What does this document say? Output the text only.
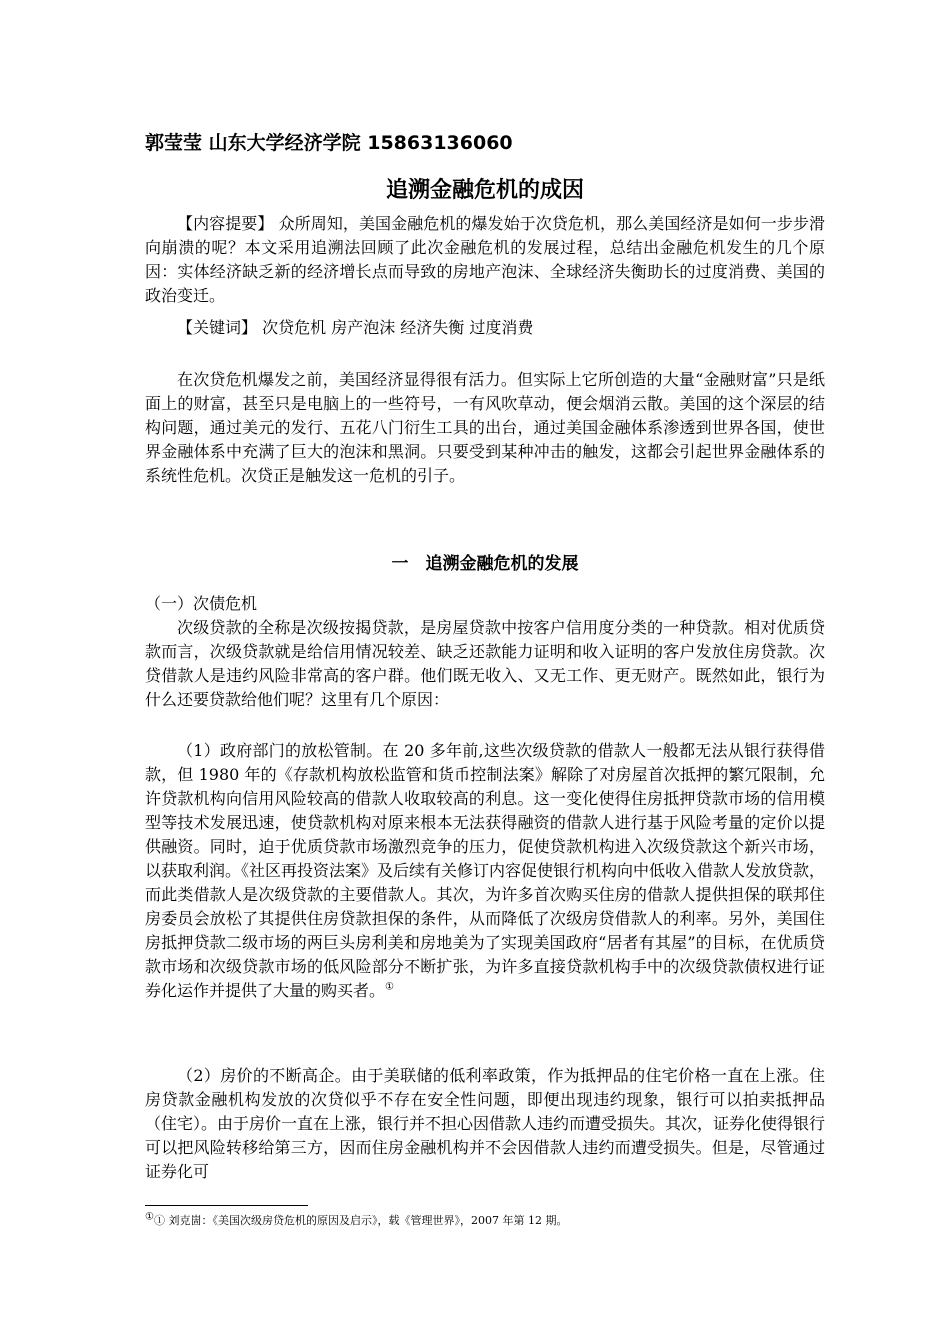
郭莹莹 山东大学经济学院 15863136060
追溯金融危机的成因
【内容提要】 众所周知，美国金融危机的爆发始于次贷危机，那么美国经济是如何一步步滑向崩溃的呢？本文采用追溯法回顾了此次金融危机的发展过程，总结出金融危机发生的几个原因：实体经济缺乏新的经济增长点而导致的房地产泡沫、全球经济失衡助长的过度消费、美国的政治变迁。
【关键词】 次贷危机 房产泡沫 经济失衡 过度消费
在次贷危机爆发之前，美国经济显得很有活力。但实际上它所创造的大量“金融财富”只是纸面上的财富，甚至只是电脑上的一些符号，一有风吹草动，便会烟消云散。美国的这个深层的结构问题，通过美元的发行、五花八门衍生工具的出台，通过美国金融体系渗透到世界各国，使世界金融体系中充满了巨大的泡沫和黑洞。只要受到某种冲击的触发，这都会引起世界金融体系的系统性危机。次贷正是触发这一危机的引子。
一　追溯金融危机的发展
（一）次债危机
次级贷款的全称是次级按揭贷款，是房屋贷款中按客户信用度分类的一种贷款。相对优质贷款而言，次级贷款就是给信用情况较差、缺乏还款能力证明和收入证明的客户发放住房贷款。次贷借款人是违约风险非常高的客户群。他们既无收入、又无工作、更无财产。既然如此，银行为什么还要贷款给他们呢？这里有几个原因：
（1）政府部门的放松管制。在 20 多年前,这些次级贷款的借款人一般都无法从银行获得借款，但 1980 年的《存款机构放松监管和货币控制法案》解除了对房屋首次抵押的繁冗限制，允许贷款机构向信用风险较高的借款人收取较高的利息。这一变化使得住房抵押贷款市场的信用模型等技术发展迅速，使贷款机构对原来根本无法获得融资的借款人进行基于风险考量的定价以提供融资。同时，迫于优质贷款市场激烈竞争的压力，促使贷款机构进入次级贷款这个新兴市场，以获取利润。《社区再投资法案》及后续有关修订内容促使银行机构向中低收入借款人发放贷款，而此类借款人是次级贷款的主要借款人。其次，为许多首次购买住房的借款人提供担保的联邦住房委员会放松了其提供住房贷款担保的条件，从而降低了次级房贷借款人的利率。另外，美国住房抵押贷款二级市场的两巨头房利美和房地美为了实现美国政府“居者有其屋”的目标，在优质贷款市场和次级贷款市场的低风险部分不断扩张，为许多直接贷款机构手中的次级贷款债权进行证券化运作并提供了大量的购买者。①
（2）房价的不断高企。由于美联储的低利率政策，作为抵押品的住宅价格一直在上涨。住房贷款金融机构发放的次贷似乎不存在安全性问题，即便出现违约现象，银行可以拍卖抵押品（住宅）。由于房价一直在上涨，银行并不担心因借款人违约而遭受损失。其次，证券化使得银行可以把风险转移给第三方，因而住房金融机构并不会因借款人违约而遭受损失。但是，尽管通过证券化可
①① 刘克崮：《美国次级房贷危机的原因及启示》，载《管理世界》，2007 年第 12 期。
